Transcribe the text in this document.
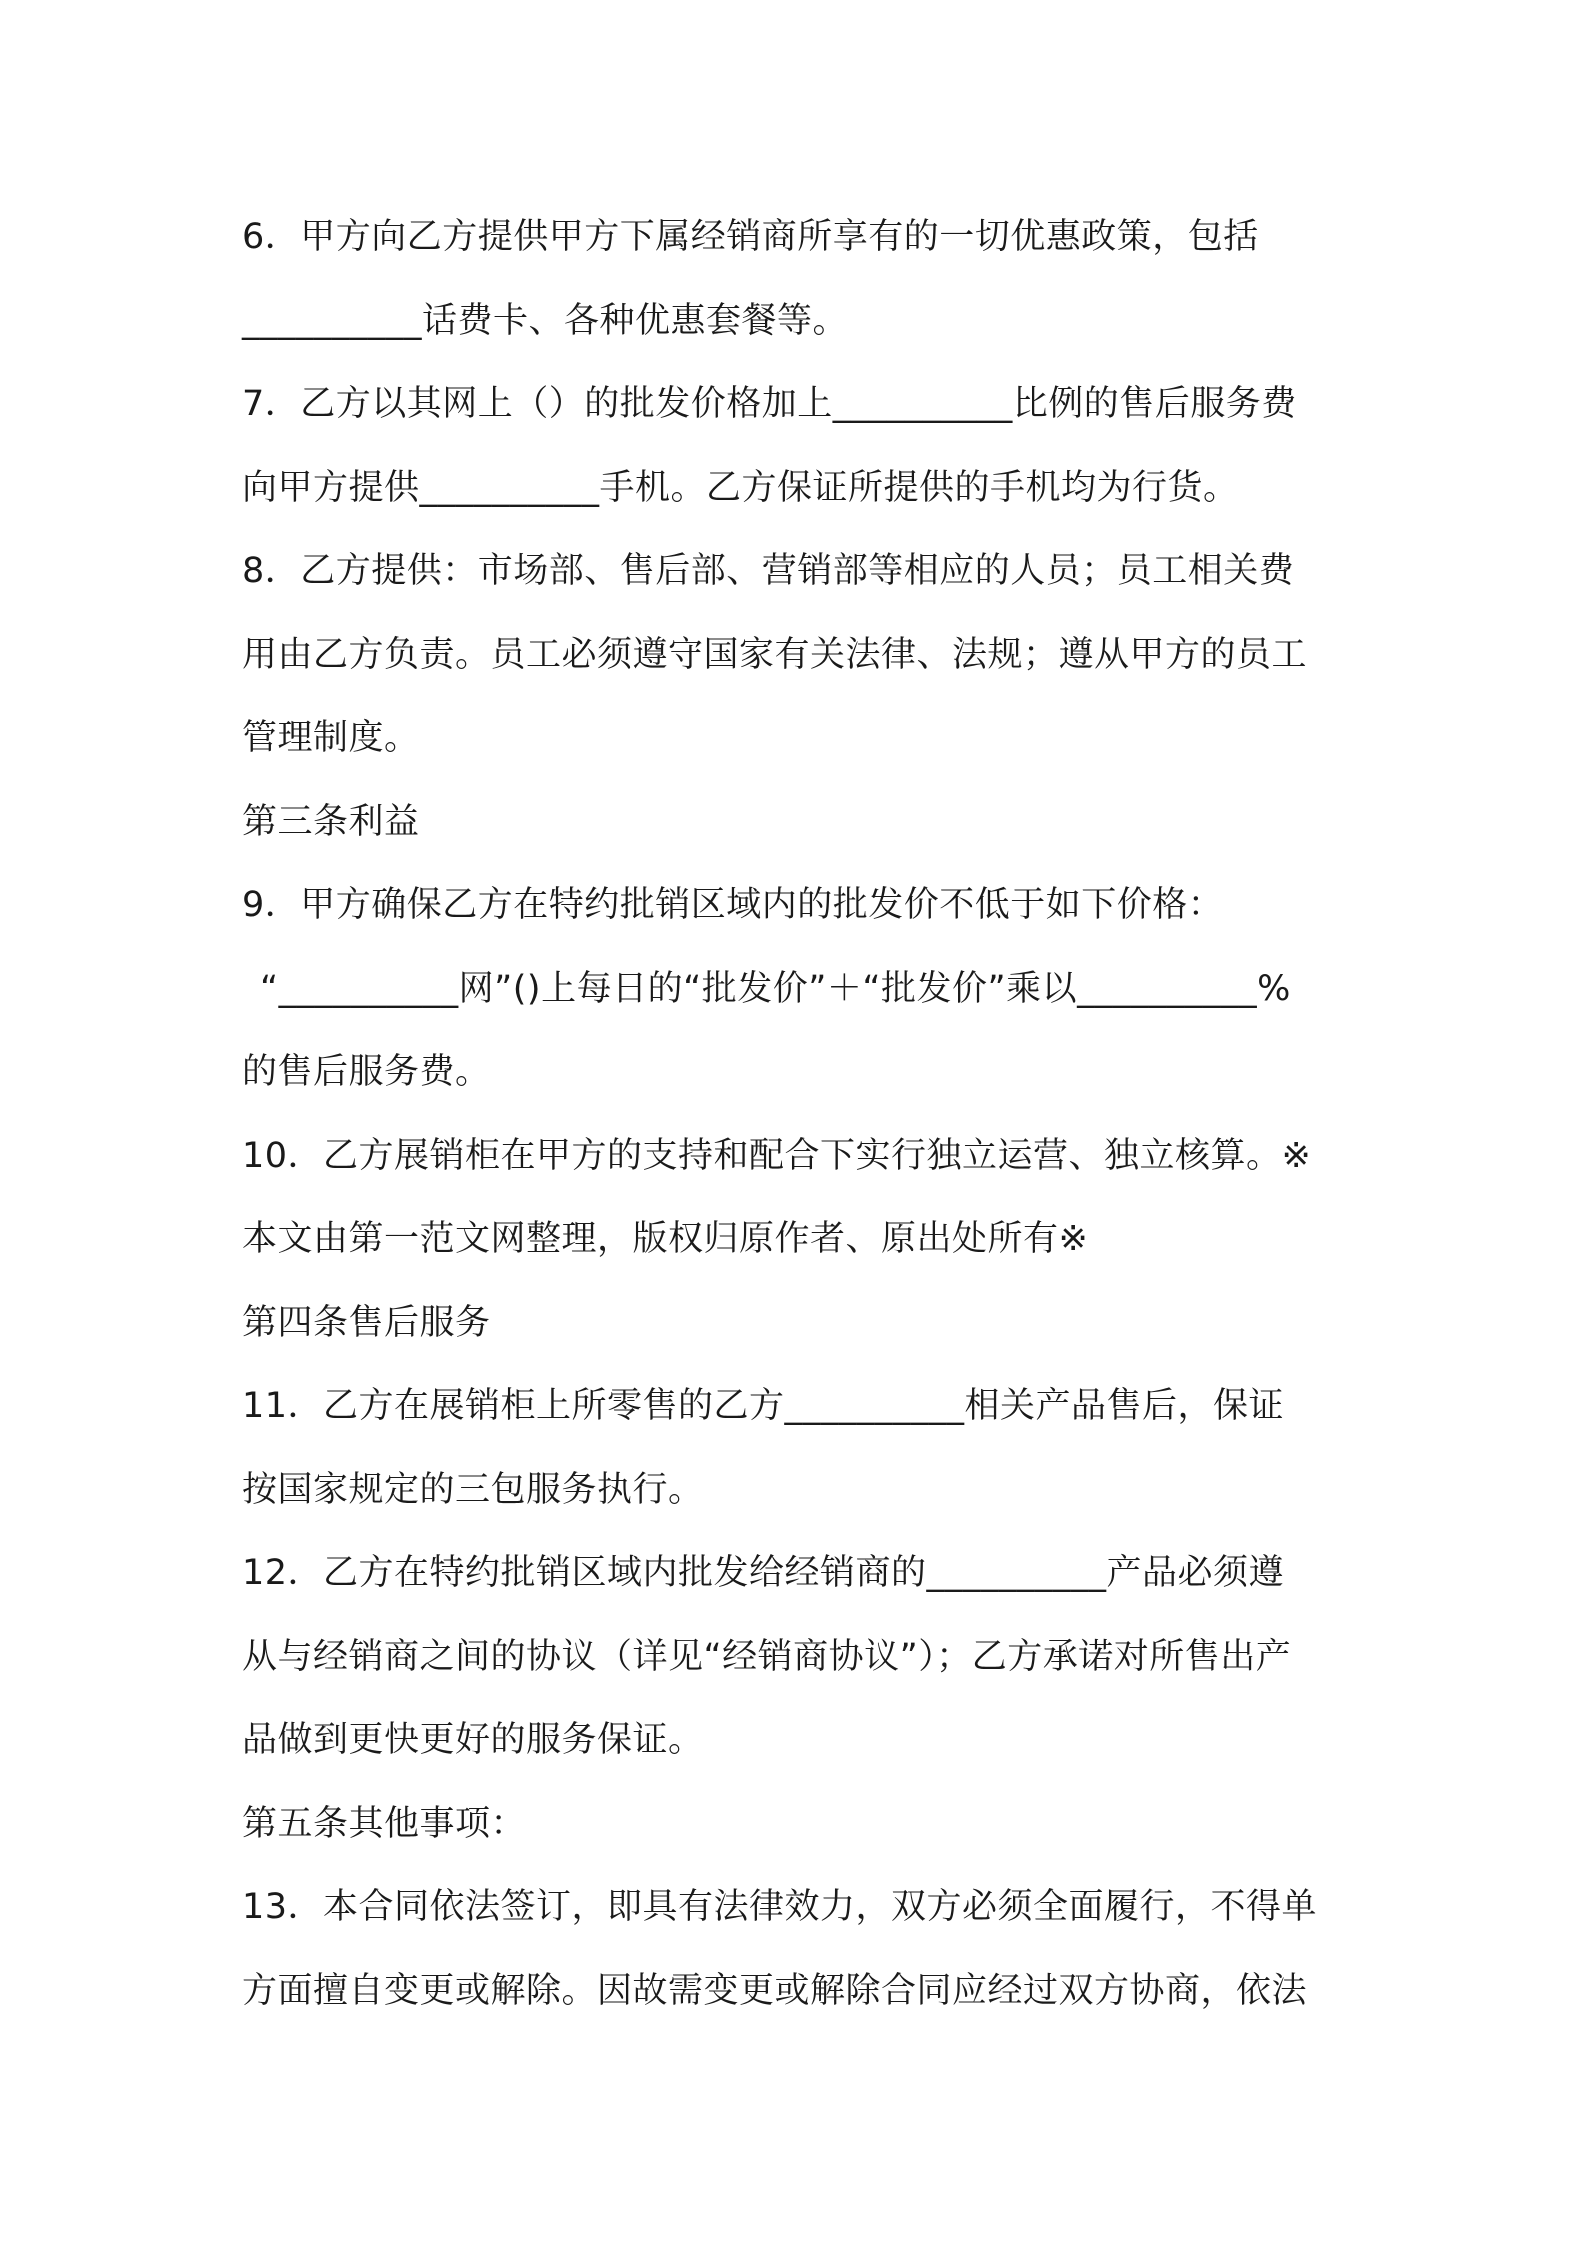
6．甲方向乙方提供甲方下属经销商所享有的一切优惠政策，包括
__________话费卡、各种优惠套餐等。
7．乙方以其网上（）的批发价格加上__________比例的售后服务费
向甲方提供__________手机。乙方保证所提供的手机均为行货。
8．乙方提供：市场部、售后部、营销部等相应的人员；员工相关费
用由乙方负责。员工必须遵守国家有关法律、法规；遵从甲方的员工
管理制度。
第三条利益
9．甲方确保乙方在特约批销区域内的批发价不低于如下价格：
“__________网”()上每日的“批发价”＋“批发价”乘以__________%
的售后服务费。
10．乙方展销柜在甲方的支持和配合下实行独立运营、独立核算。※
本文由第一范文网整理，版权归原作者、原出处所有※
第四条售后服务
11．乙方在展销柜上所零售的乙方__________相关产品售后，保证
按国家规定的三包服务执行。
12．乙方在特约批销区域内批发给经销商的__________产品必须遵
从与经销商之间的协议（详见“经销商协议”）；乙方承诺对所售出产
品做到更快更好的服务保证。
第五条其他事项：
13．本合同依法签订，即具有法律效力，双方必须全面履行，不得单
方面擅自变更或解除。因故需变更或解除合同应经过双方协商，依法
